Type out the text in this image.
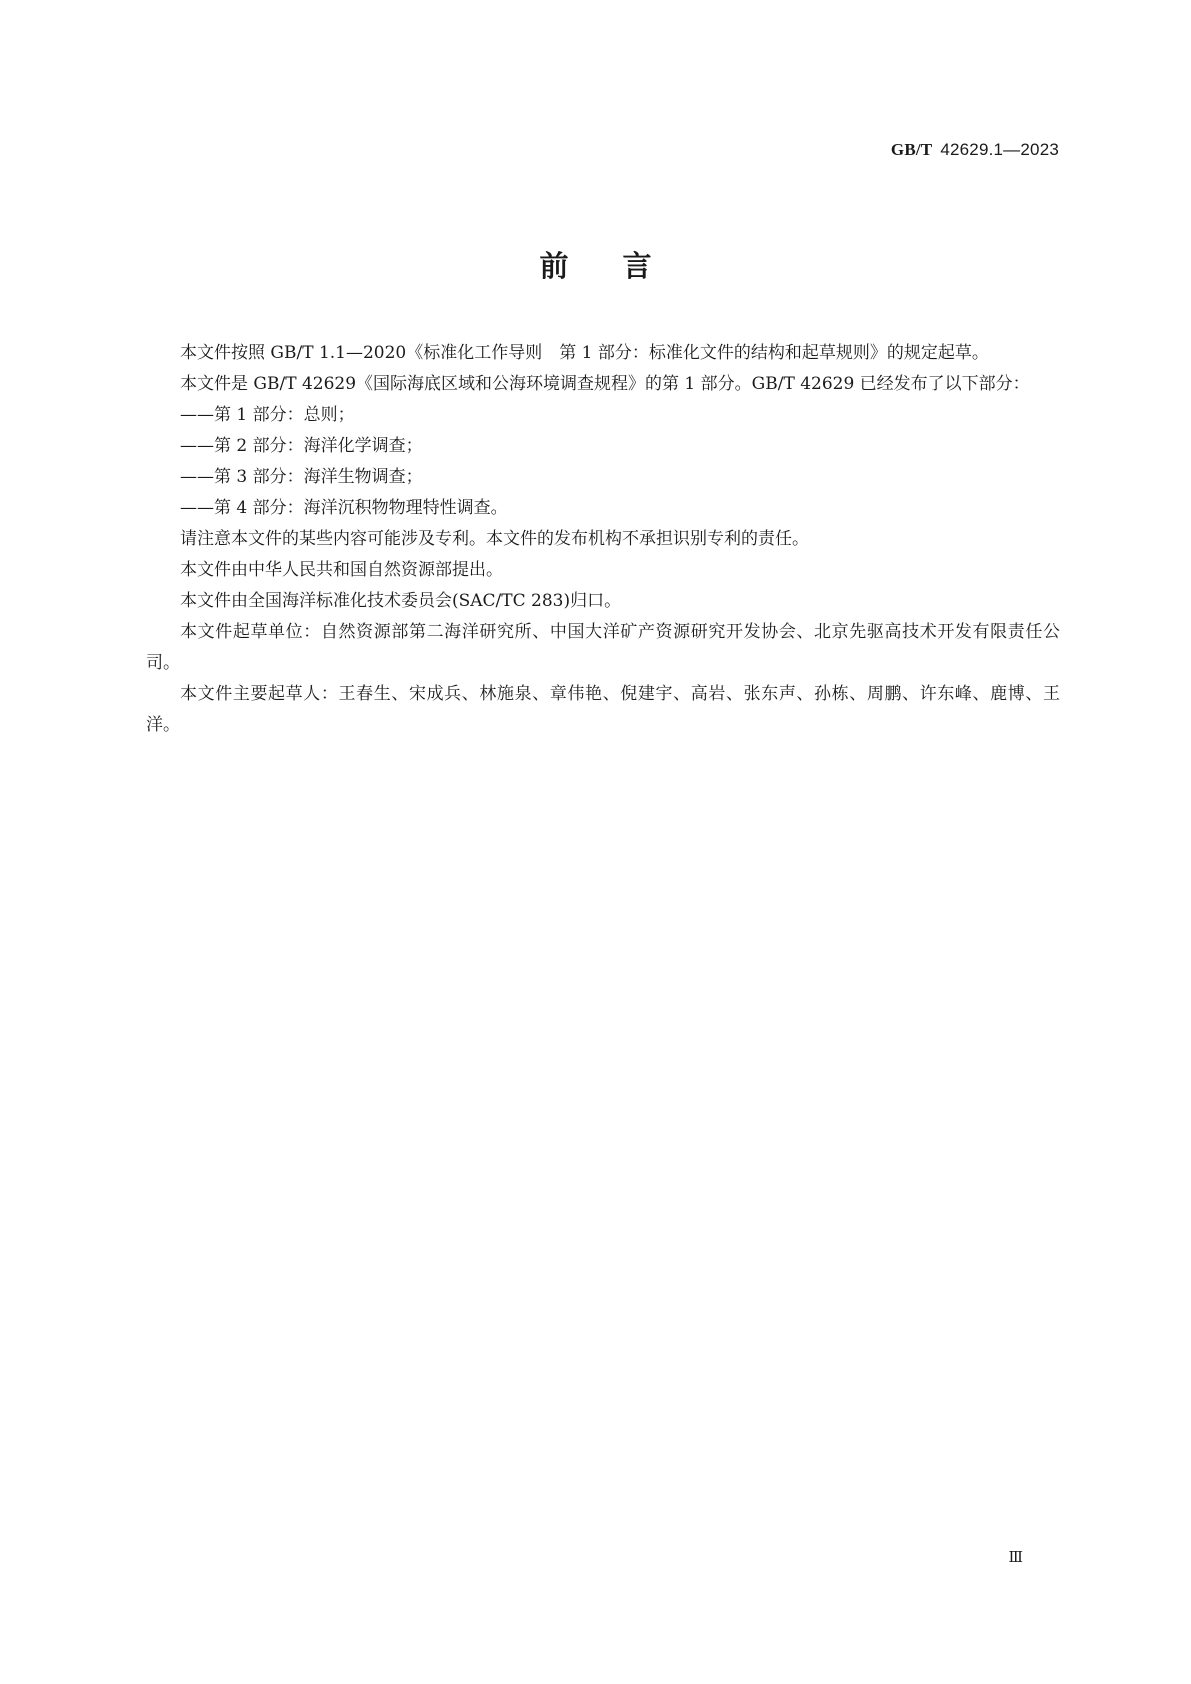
GB/T 42629.1—2023
前言

本文件按照 GB/T 1.1—2020《标准化工作导则　第 1 部分：标准化文件的结构和起草规则》的规定起草。

本文件是 GB/T 42629《国际海底区域和公海环境调查规程》的第 1 部分。GB/T 42629 已经发布了以下部分：

——第 1 部分：总则；

——第 2 部分：海洋化学调查；

——第 3 部分：海洋生物调查；

——第 4 部分：海洋沉积物物理特性调查。

请注意本文件的某些内容可能涉及专利。本文件的发布机构不承担识别专利的责任。

本文件由中华人民共和国自然资源部提出。

本文件由全国海洋标准化技术委员会(SAC/TC 283)归口。

本文件起草单位：自然资源部第二海洋研究所、中国大洋矿产资源研究开发协会、北京先驱高技术开发有限责任公司。

本文件主要起草人：王春生、宋成兵、林施泉、章伟艳、倪建宇、高岩、张东声、孙栋、周鹏、许东峰、鹿博、王洋。

Ⅲ
